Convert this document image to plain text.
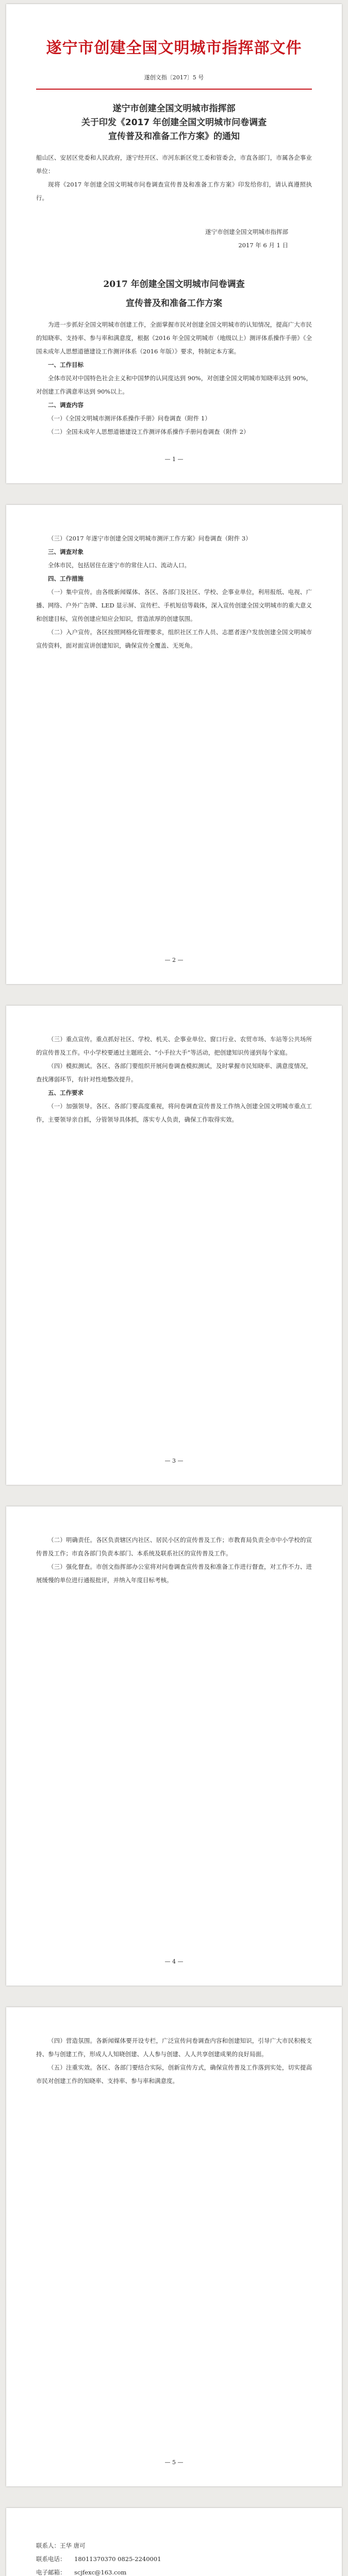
遂宁市创建全国文明城市指挥部文件
遂创文指〔2017〕5 号
遂宁市创建全国文明城市指挥部
关于印发《2017 年创建全国文明城市问卷调查
宣传普及和准备工作方案》的通知

船山区、安居区党委和人民政府，遂宁经开区、市河东新区党工委和管委会，市直各部门，市属各企事业单位：

现将《2017 年创建全国文明城市问卷调查宣传普及和准备工作方案》印发给你们，请认真遵照执行。

遂宁市创建全国文明城市指挥部
2017 年 6 月 1 日
2017 年创建全国文明城市问卷调查
宣传普及和准备工作方案

为进一步抓好全国文明城市创建工作，全面掌握市民对创建全国文明城市的认知情况，提高广大市民的知晓率、支持率、参与率和满意度，根据《2016 年全国文明城市（地级以上）测评体系操作手册》《全国未成年人思想道德建设工作测评体系（2016 年版）》要求，特制定本方案。

一、工作目标

全体市民对中国特色社会主义和中国梦的认同度达到 90%，对创建全国文明城市知晓率达到 90%，对创建工作满意率达到 90%以上。

二、调查内容

（一）《全国文明城市测评体系操作手册》问卷调查（附件 1）

（二）全国未成年人思想道德建设工作测评体系操作手册问卷调查（附件 2）

— 1 —

（三）《2017 年遂宁市创建全国文明城市测评工作方案》问卷调查（附件 3）

三、调查对象

全体市民，包括居住在遂宁市的常住人口、流动人口。

四、工作措施

（一）集中宣传。由各级新闻媒体、各区、各部门及社区、学校、企事业单位，利用报纸、电视、广播、网络、户外广告牌、LED 显示屏、宣传栏、手机短信等载体，深入宣传创建全国文明城市的重大意义和创建目标，宣传创建应知应会知识，营造浓厚的创建氛围。

（二）入户宣传。各区按照网格化管理要求，组织社区工作人员、志愿者逐户发放创建全国文明城市宣传资料，面对面宣讲创建知识，确保宣传全覆盖、无死角。

— 2 —

（三）重点宣传。重点抓好社区、学校、机关、企事业单位、窗口行业、农贸市场、车站等公共场所的宣传普及工作。中小学校要通过主题班会、“小手拉大手”等活动，把创建知识传递到每个家庭。

（四）模拟测试。各区、各部门要组织开展问卷调查模拟测试，及时掌握市民知晓率、满意度情况，查找薄弱环节，有针对性地整改提升。

五、工作要求

（一）加强领导。各区、各部门要高度重视，将问卷调查宣传普及工作纳入创建全国文明城市重点工作，主要领导亲自抓，分管领导具体抓，落实专人负责，确保工作取得实效。

— 3 —

（二）明确责任。各区负责辖区内社区、居民小区的宣传普及工作；市教育局负责全市中小学校的宣传普及工作；市直各部门负责本部门、本系统及联系社区的宣传普及工作。

（三）强化督查。市创文指挥部办公室将对问卷调查宣传普及和准备工作进行督查，对工作不力、进展缓慢的单位进行通报批评，并纳入年度目标考核。

— 4 —

（四）营造氛围。各新闻媒体要开设专栏，广泛宣传问卷调查内容和创建知识，引导广大市民积极支持、参与创建工作，形成人人知晓创建、人人参与创建、人人共享创建成果的良好局面。

（五）注重实效。各区、各部门要结合实际，创新宣传方式，确保宣传普及工作落到实处，切实提高市民对创建工作的知晓率、支持率、参与率和满意度。

— 5 —
联系人：王华 唐可
联系电话： 18011370370 0825-2240001
电子邮箱： scjfexc@163.com
